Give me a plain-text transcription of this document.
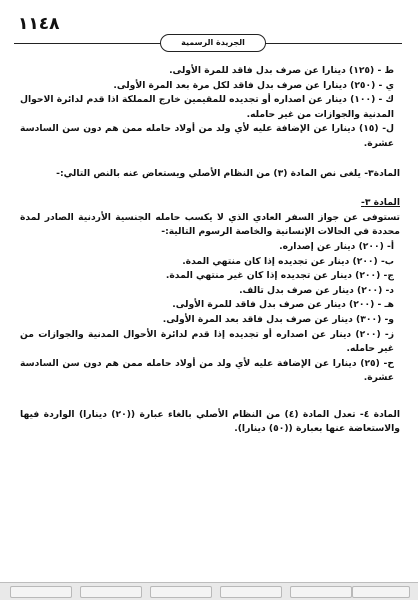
١١٤٨
الجريدة الرسمية

ط - (١٢٥) دينارا عن صرف بدل فاقد للمرة الأولى.

ي - (٢٥٠) دينارا عن صرف بدل فاقد لكل مرة بعد المرة الأولى.

ك - (١٠٠) دينار عن اصداره أو تجديده للمقيمين خارج المملكة اذا قدم لدائرة الاحوال المدنية والجوازات من غير حامله.

ل- (١٥) دينارا عن الإضافة عليه لأي ولد من أولاد حامله ممن هم دون سن السادسة عشرة.

المادة٣- يلغى نص المادة (٣) من النظام الأصلي ويستعاض عنه بالنص التالي:-

المادة ٣-

تستوفى عن جواز السفر العادي الذي لا يكسب حامله الجنسية الأردنية الصادر لمدة محددة في الحالات الإنسانية والخاصة الرسوم التالية:-

أ- (٢٠٠) دينار عن إصداره.

ب- (٢٠٠) دينار عن تجديده إذا كان منتهي المدة.

ج- (٢٠٠) دينار عن تجديده إذا كان غير منتهي المدة.

د- (٢٠٠) دينار عن صرف بدل تالف.

هـ - (٢٠٠) دينار عن صرف بدل فاقد للمرة الأولى.

و- (٣٠٠) دينار عن صرف بدل فاقد بعد المرة الأولى.

ز- (٢٠٠) دينار عن اصداره أو تجديده إذا قدم لدائرة الأحوال المدنية والجوازات من غير حامله.

ح- (٢٥) دينارا عن الإضافة عليه لأي ولد من أولاد حامله ممن هم دون سن السادسة عشرة.

المادة ٤- تعدل المادة (٤) من النظام الأصلي بالغاء عبارة ((٢٠) دينارا) الواردة فيها والاستعاضة عنها بعبارة ((٥٠) دينارا).
